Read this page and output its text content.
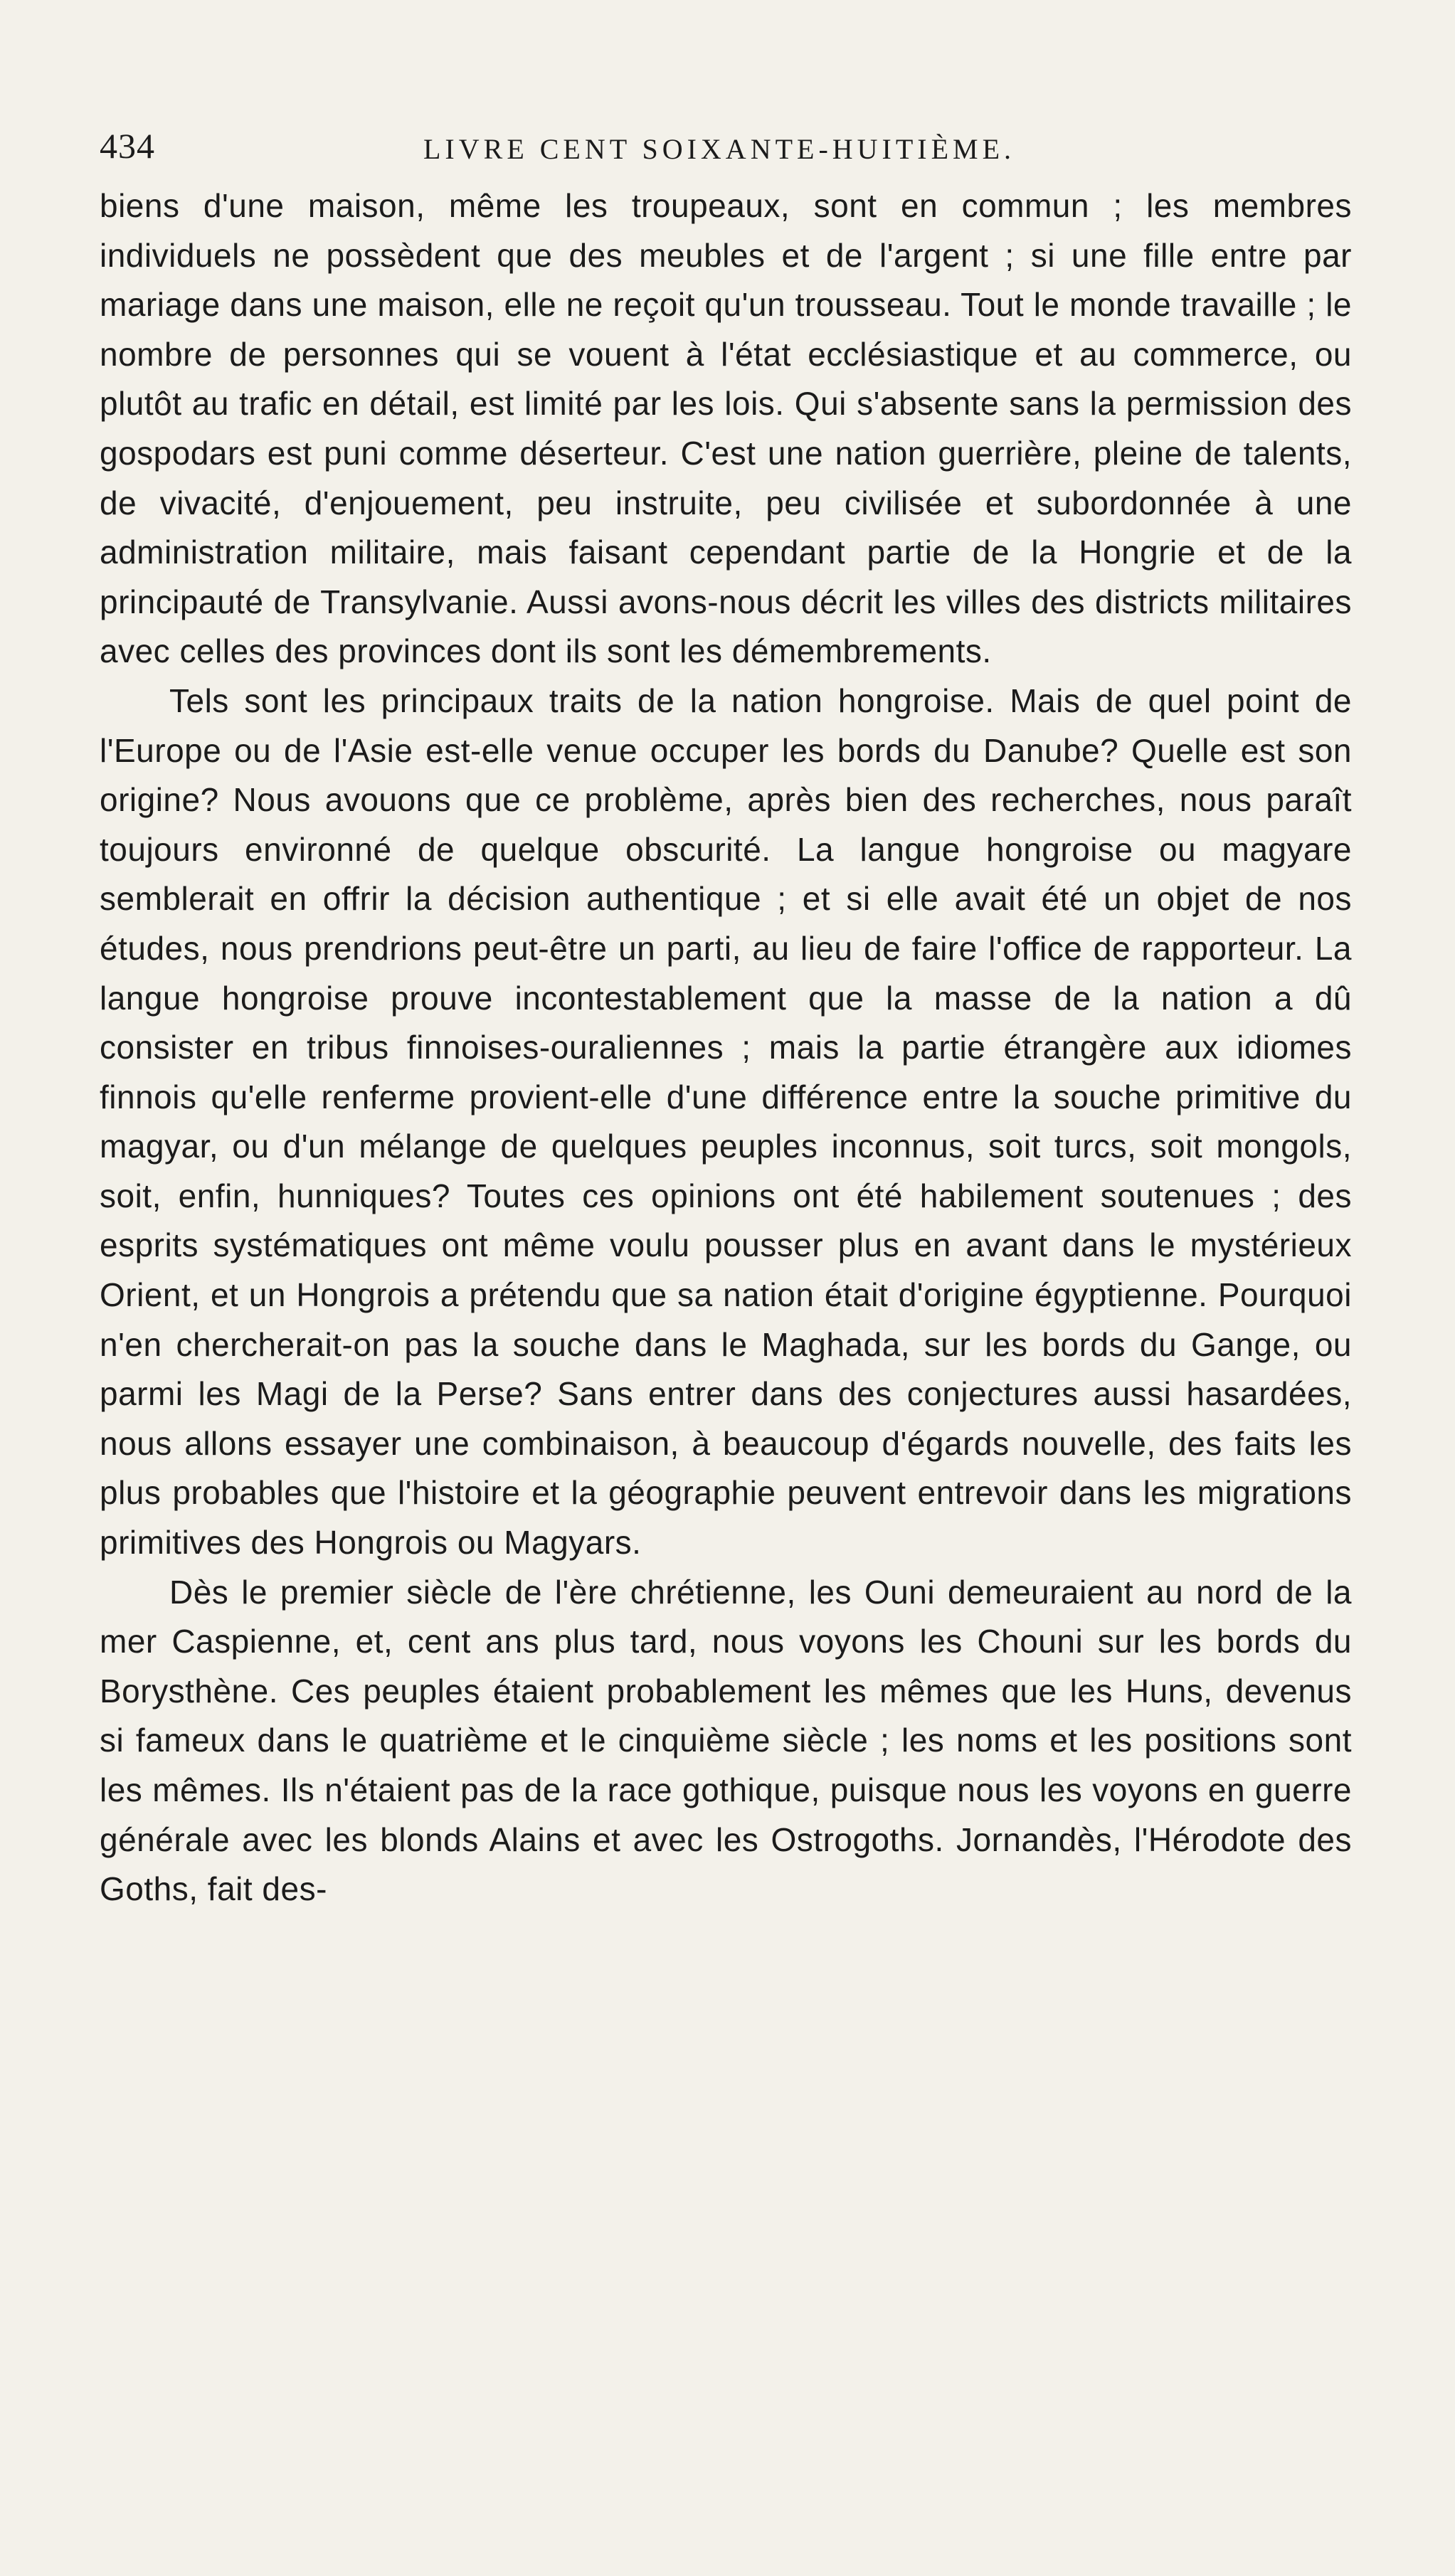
434	LIVRE CENT SOIXANTE-HUITIÈME.

biens d'une maison, même les troupeaux, sont en commun ; les membres individuels ne possèdent que des meubles et de l'argent ; si une fille entre par mariage dans une maison, elle ne reçoit qu'un trousseau. Tout le monde travaille ; le nombre de personnes qui se vouent à l'état ecclésiastique et au commerce, ou plutôt au trafic en détail, est limité par les lois. Qui s'absente sans la permission des gospodars est puni comme déserteur. C'est une nation guerrière, pleine de talents, de vivacité, d'enjouement, peu instruite, peu civilisée et subordonnée à une administration militaire, mais faisant cependant partie de la Hongrie et de la principauté de Transylvanie. Aussi avons-nous décrit les villes des districts militaires avec celles des provinces dont ils sont les démembrements.

Tels sont les principaux traits de la nation hongroise. Mais de quel point de l'Europe ou de l'Asie est-elle venue occuper les bords du Danube? Quelle est son origine? Nous avouons que ce problème, après bien des recherches, nous paraît toujours environné de quelque obscurité. La langue hongroise ou magyare semblerait en offrir la décision authentique ; et si elle avait été un objet de nos études, nous prendrions peut-être un parti, au lieu de faire l'office de rapporteur. La langue hongroise prouve incontestablement que la masse de la nation a dû consister en tribus finnoises-ouraliennes ; mais la partie étrangère aux idiomes finnois qu'elle renferme provient-elle d'une différence entre la souche primitive du magyar, ou d'un mélange de quelques peuples inconnus, soit turcs, soit mongols, soit, enfin, hunniques? Toutes ces opinions ont été habilement soutenues ; des esprits systématiques ont même voulu pousser plus en avant dans le mystérieux Orient, et un Hongrois a prétendu que sa nation était d'origine égyptienne. Pourquoi n'en chercherait-on pas la souche dans le Maghada, sur les bords du Gange, ou parmi les Magi de la Perse? Sans entrer dans des conjectures aussi hasardées, nous allons essayer une combinaison, à beaucoup d'égards nouvelle, des faits les plus probables que l'histoire et la géographie peuvent entrevoir dans les migrations primitives des Hongrois ou Magyars.

Dès le premier siècle de l'ère chrétienne, les Ouni demeuraient au nord de la mer Caspienne, et, cent ans plus tard, nous voyons les Chouni sur les bords du Borysthène. Ces peuples étaient probablement les mêmes que les Huns, devenus si fameux dans le quatrième et le cinquième siècle ; les noms et les positions sont les mêmes. Ils n'étaient pas de la race gothique, puisque nous les voyons en guerre générale avec les blonds Alains et avec les Ostrogoths. Jornandès, l'Hérodote des Goths, fait des-
